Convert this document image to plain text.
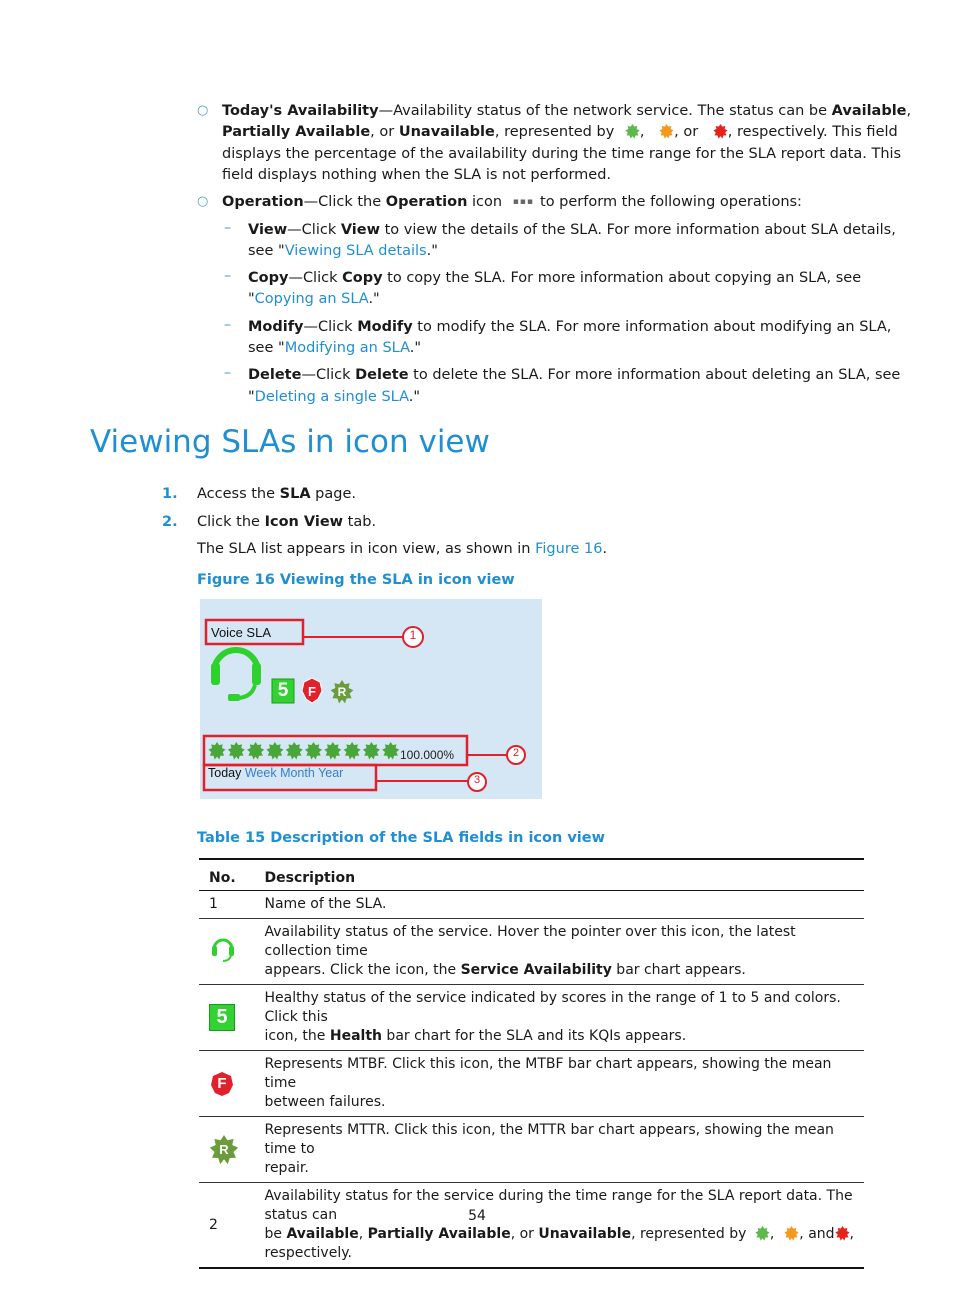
○ Today's Availability—Availability status of the network service. The status can be Available,
Partially Available, or Unavailable, represented by , , or , respectively. This field
displays the percentage of the availability during the time range for the SLA report data. This
field displays nothing when the SLA is not performed.
○ Operation—Click the Operation icon ▪▪▪ to perform the following operations:
– View—Click View to view the details of the SLA. For more information about SLA details,
see "Viewing SLA details."
– Copy—Click Copy to copy the SLA. For more information about copying an SLA, see
"Copying an SLA."
– Modify—Click Modify to modify the SLA. For more information about modifying an SLA,
see "Modifying an SLA."
– Delete—Click Delete to delete the SLA. For more information about deleting an SLA, see
"Deleting a single SLA."
Viewing SLAs in icon view
1. Access the SLA page.
2. Click the Icon View tab.
The SLA list appears in icon view, as shown in Figure 16.
Figure 16 Viewing the SLA in icon view
Voice SLA
5	F	R
100.000%
Today Week Month Year
1
2
3
Table 15 Description of the SLA fields in icon view
No.	Description
1	Name of the SLA.

Availability status of the service. Hover the pointer over this icon, the latest collection time
appears. Click the icon, the Service Availability bar chart appears.

5	Healthy status of the service indicated by scores in the range of 1 to 5 and colors. Click this
icon, the Health bar chart for the SLA and its KQIs appears.

F	Represents MTBF. Click this icon, the MTBF bar chart appears, showing the mean time
between failures.

R	Represents MTTR. Click this icon, the MTTR bar chart appears, showing the mean time to
repair.

2	Availability status for the service during the time range for the SLA report data. The status can
be Available, Partially Available, or Unavailable, represented by , , and ,
respectively.
54
